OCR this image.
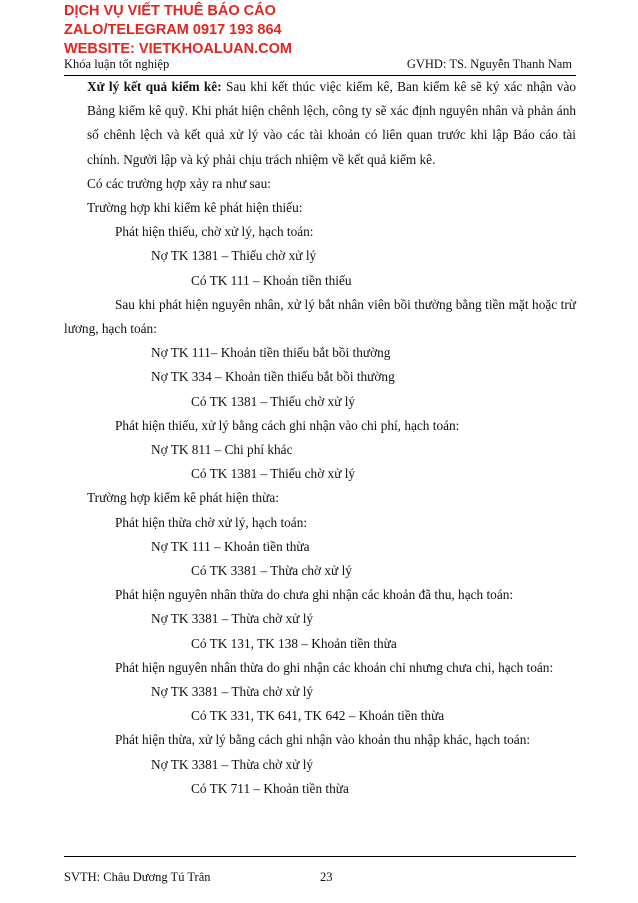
DỊCH VỤ VIẾT THUÊ BÁO CÁO
ZALO/TELEGRAM 0917 193 864
WEBSITE: VIETKHOALUAN.COM
Khóa luận tốt nghiệp	GVHD: TS. Nguyễn Thanh Nam

Xử lý kết quả kiểm kê: Sau khi kết thúc việc kiểm kê, Ban kiểm kê sẽ ký xác nhận vào Bảng kiểm kê quỹ. Khi phát hiện chênh lệch, công ty sẽ xác định nguyên nhân và phản ánh số chênh lệch và kết quả xử lý vào các tài khoản có liên quan trước khi lập Báo cáo tài chính. Người lập và ký phải chịu trách nhiệm về kết quả kiểm kê.

Có các trường hợp xảy ra như sau:

Trường hợp khi kiểm kê phát hiện thiếu:

Phát hiện thiếu, chờ xử lý, hạch toán:

Nợ TK 1381 – Thiếu chờ xử lý

Có TK 111 – Khoản tiền thiếu

Sau khi phát hiện nguyên nhân, xử lý bắt nhân viên bồi thường bằng tiền mặt hoặc trừ lương, hạch toán:

Nợ TK 111– Khoản tiền thiếu bắt bồi thường

Nợ TK 334 – Khoản tiền thiếu bắt bồi thường

Có TK 1381 – Thiếu chờ xử lý

Phát hiện thiếu, xử lý bằng cách ghi nhận vào chi phí, hạch toán:

Nợ TK 811 – Chi phí khác

Có TK 1381 – Thiếu chờ xử lý

Trường hợp kiểm kê phát hiện thừa:

Phát hiện thừa chờ xử lý, hạch toán:

Nợ TK 111 – Khoản tiền thừa

Có TK 3381 – Thừa chờ xử lý

Phát hiện nguyên nhân thừa do chưa ghi nhận các khoản đã thu, hạch toán:

Nợ TK 3381 – Thừa chờ xử lý

Có TK 131, TK 138 – Khoản tiền thừa

Phát hiện nguyên nhân thừa do ghi nhận các khoản chi nhưng chưa chi, hạch toán:

Nợ TK 3381 – Thừa chờ xử lý

Có TK 331, TK 641, TK 642 – Khoản tiền thừa

Phát hiện thừa, xử lý bằng cách ghi nhận vào khoản thu nhập khác, hạch toán:

Nợ TK 3381 – Thừa chờ xử lý

Có TK 711 – Khoản tiền thừa

SVTH: Châu Dương Tú Trân	23
